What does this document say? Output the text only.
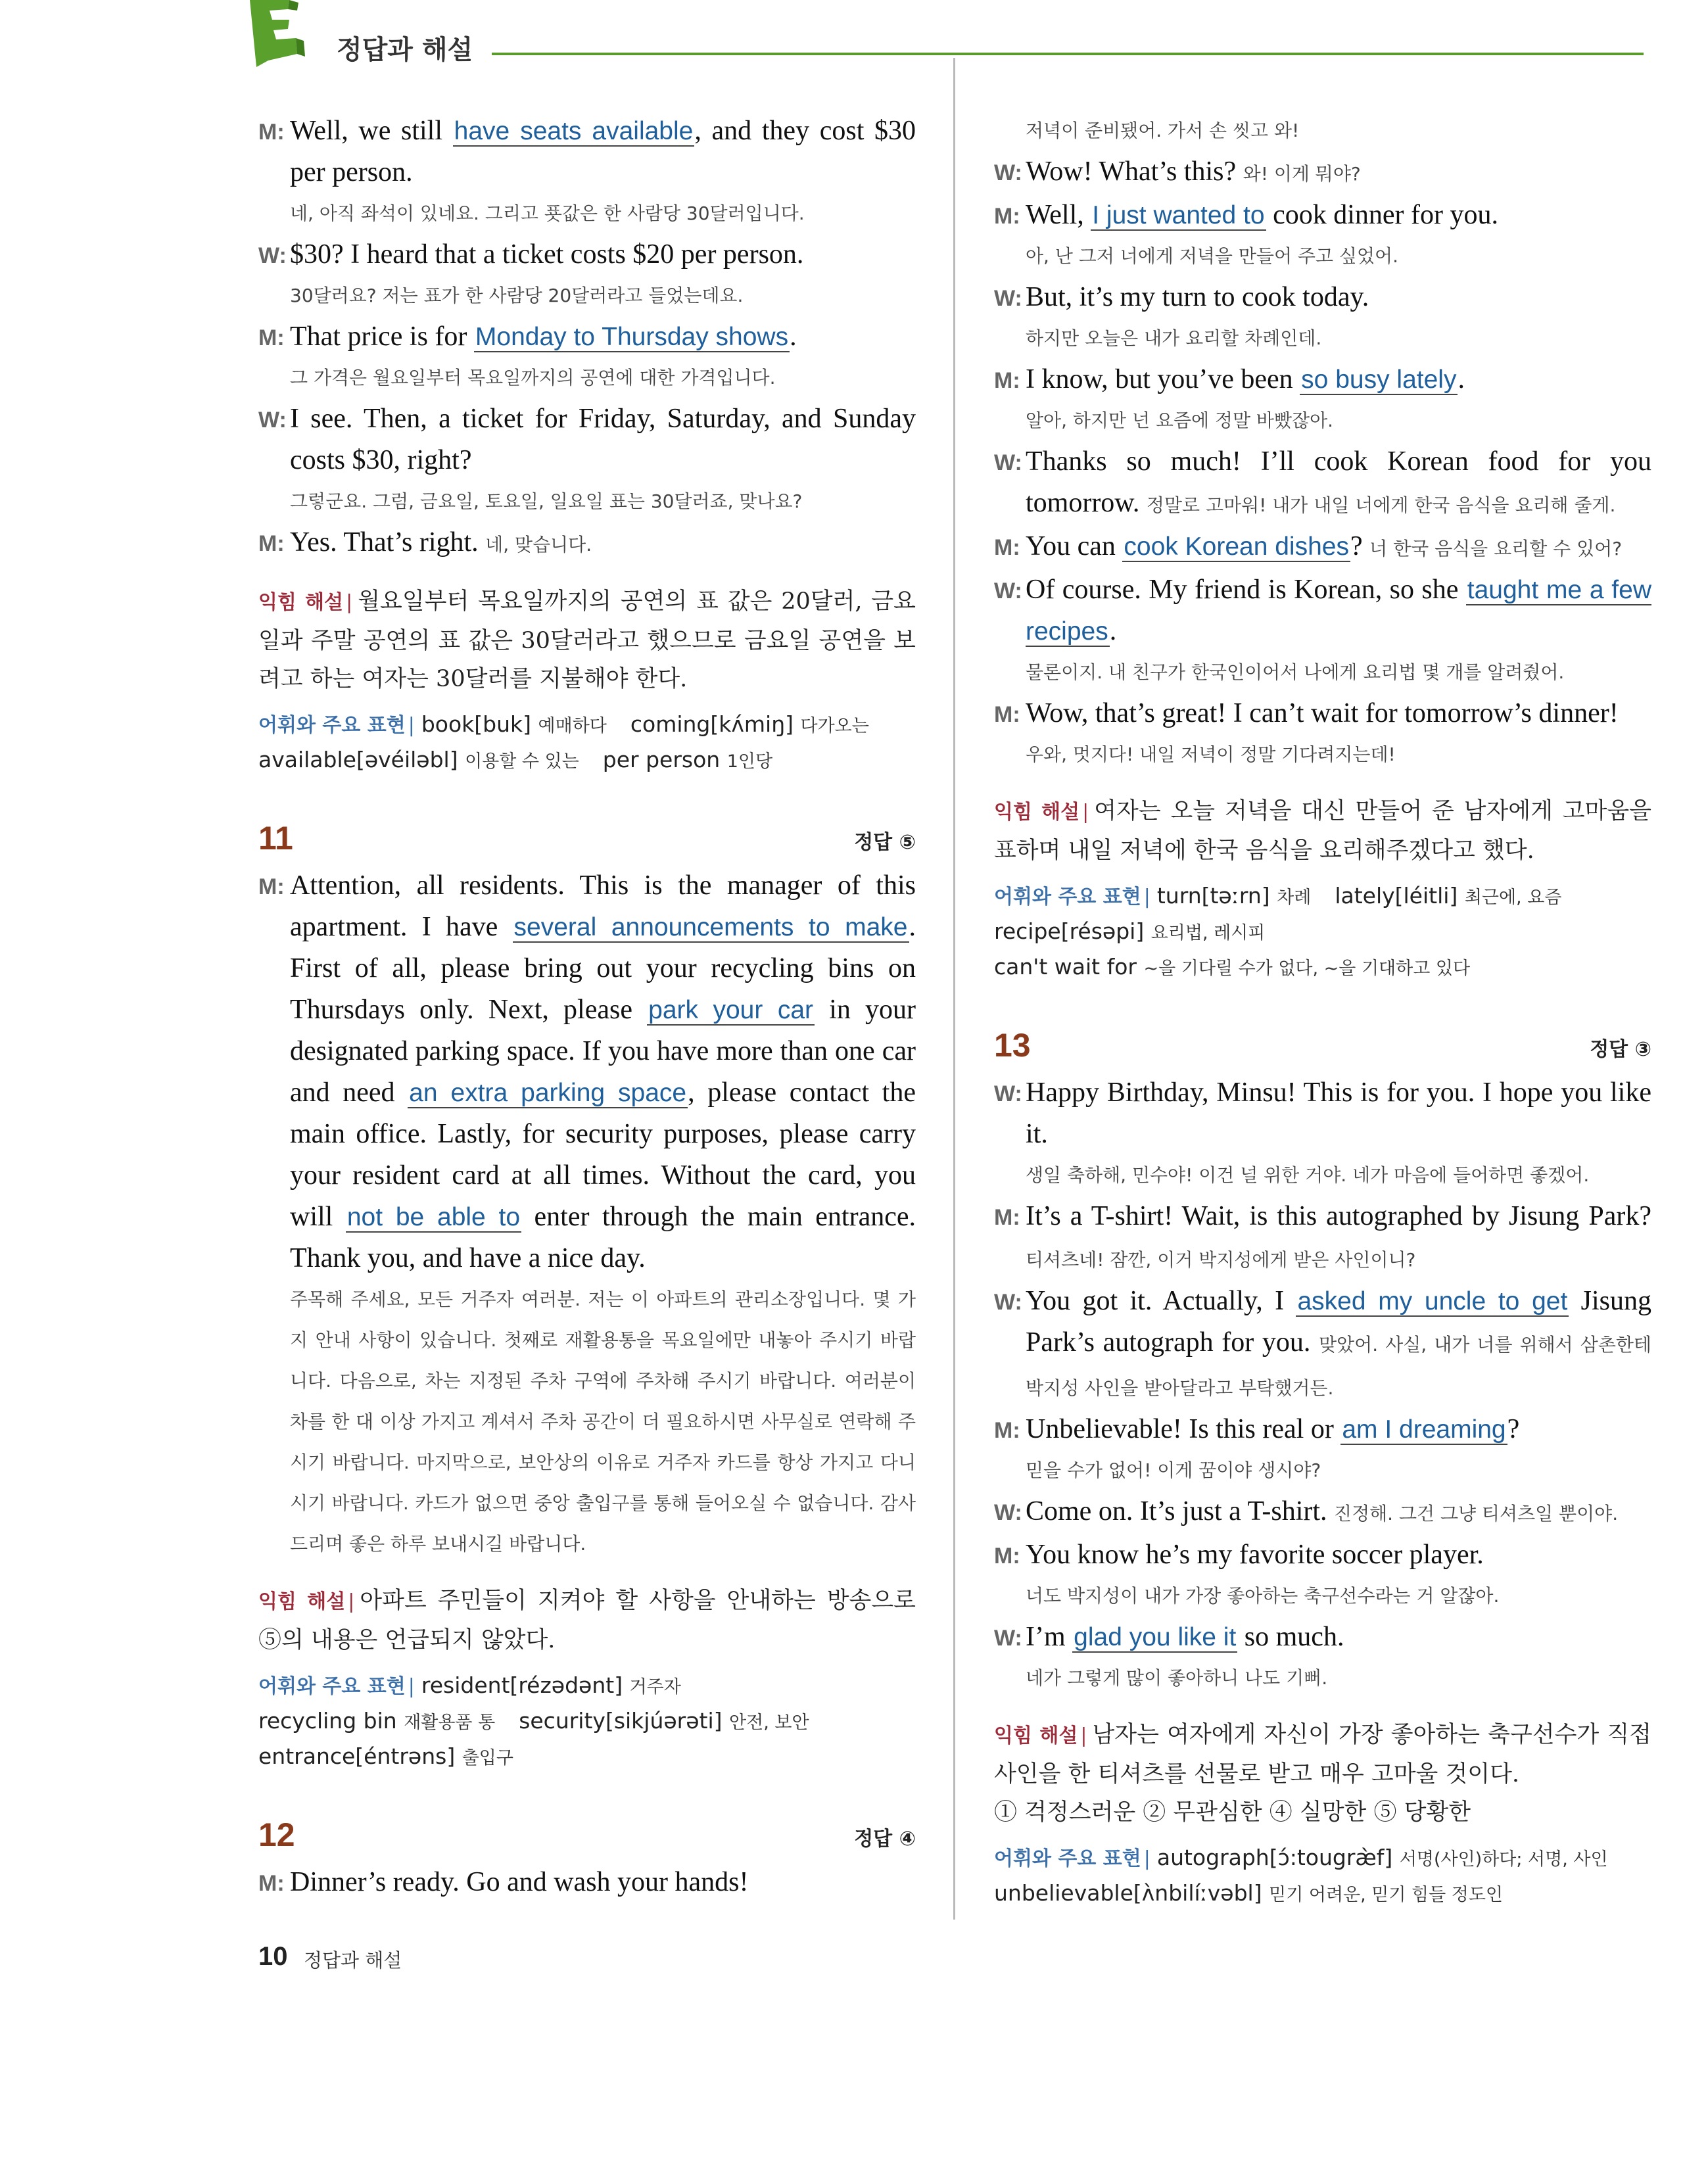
정답과 해설
M: Well, we still have seats available, and they cost $30 per person.
네, 아직 좌석이 있네요. 그리고 푯값은 한 사람당 30달러입니다.
W: $30? I heard that a ticket costs $20 per person.
30달러요? 저는 표가 한 사람당 20달러라고 들었는데요.
M: That price is for Monday to Thursday shows.
그 가격은 월요일부터 목요일까지의 공연에 대한 가격입니다.
W: I see. Then, a ticket for Friday, Saturday, and Sunday costs $30, right?
그렇군요. 그럼, 금요일, 토요일, 일요일 표는 30달러죠, 맞나요?
M: Yes. That’s right. 네, 맞습니다.
익힘 해설 | 월요일부터 목요일까지의 공연의 표 값은 20달러, 금요일과 주말 공연의 표 값은 30달러라고 했으므로 금요일 공연을 보려고 하는 여자는 30달러를 지불해야 한다.
어휘와 주요 표현 | book[buk] 예매하다 coming[kʌ́miŋ] 다가오는
available[əvéiləbl] 이용할 수 있는 per person 1인당
11	정답 ⑤
M: Attention, all residents. This is the manager of this apartment. I have several announcements to make. First of all, please bring out your recycling bins on Thursdays only. Next, please park your car in your designated parking space. If you have more than one car and need an extra parking space, please contact the main office. Lastly, for security purposes, please carry your resident card at all times. Without the card, you will not be able to enter through the main entrance. Thank you, and have a nice day.
주목해 주세요, 모든 거주자 여러분. 저는 이 아파트의 관리소장입니다. 몇 가지 안내 사항이 있습니다. 첫째로 재활용통을 목요일에만 내놓아 주시기 바랍니다. 다음으로, 차는 지정된 주차 구역에 주차해 주시기 바랍니다. 여러분이 차를 한 대 이상 가지고 계셔서 주차 공간이 더 필요하시면 사무실로 연락해 주시기 바랍니다. 마지막으로, 보안상의 이유로 거주자 카드를 항상 가지고 다니시기 바랍니다. 카드가 없으면 중앙 출입구를 통해 들어오실 수 없습니다. 감사 드리며 좋은 하루 보내시길 바랍니다.
익힘 해설 | 아파트 주민들이 지켜야 할 사항을 안내하는 방송으로 ⑤의 내용은 언급되지 않았다.
어휘와 주요 표현 | resident[rézədənt] 거주자
recycling bin 재활용품 통 security[sikjúərəti] 안전, 보안
entrance[éntrəns] 출입구
12	정답 ④
M: Dinner’s ready. Go and wash your hands!
저녁이 준비됐어. 가서 손 씻고 와!
W: Wow! What’s this? 와! 이게 뭐야?
M: Well, I just wanted to cook dinner for you.
아, 난 그저 너에게 저녁을 만들어 주고 싶었어.
W: But, it’s my turn to cook today.
하지만 오늘은 내가 요리할 차례인데.
M: I know, but you’ve been so busy lately.
알아, 하지만 넌 요즘에 정말 바빴잖아.
W: Thanks so much! I’ll cook Korean food for you tomorrow. 정말로 고마워! 내가 내일 너에게 한국 음식을 요리해 줄게.
M: You can cook Korean dishes? 너 한국 음식을 요리할 수 있어?
W: Of course. My friend is Korean, so she taught me a few recipes.
물론이지. 내 친구가 한국인이어서 나에게 요리법 몇 개를 알려줬어.
M: Wow, that’s great! I can’t wait for tomorrow’s dinner!
우와, 멋지다! 내일 저녁이 정말 기다려지는데!
익힘 해설 | 여자는 오늘 저녁을 대신 만들어 준 남자에게 고마움을 표하며 내일 저녁에 한국 음식을 요리해주겠다고 했다.
어휘와 주요 표현 | turn[təːrn] 차례 lately[léitli] 최근에, 요즘
recipe[résəpi] 요리법, 레시피
can't wait for ~을 기다릴 수가 없다, ~을 기대하고 있다
13	정답 ③
W: Happy Birthday, Minsu! This is for you. I hope you like it.
생일 축하해, 민수야! 이건 널 위한 거야. 네가 마음에 들어하면 좋겠어.
M: It’s a T-shirt! Wait, is this autographed by Jisung Park? 티셔츠네! 잠깐, 이거 박지성에게 받은 사인이니?
W: You got it. Actually, I asked my uncle to get Jisung Park’s autograph for you. 맞았어. 사실, 내가 너를 위해서 삼촌한테 박지성 사인을 받아달라고 부탁했거든.
M: Unbelievable! Is this real or am I dreaming?
믿을 수가 없어! 이게 꿈이야 생시야?
W: Come on. It’s just a T-shirt. 진정해. 그건 그냥 티셔츠일 뿐이야.
M: You know he’s my favorite soccer player.
너도 박지성이 내가 가장 좋아하는 축구선수라는 거 알잖아.
W: I’m glad you like it so much.
네가 그렇게 많이 좋아하니 나도 기뻐.
익힘 해설 | 남자는 여자에게 자신이 가장 좋아하는 축구선수가 직접 사인을 한 티셔츠를 선물로 받고 매우 고마울 것이다.
① 걱정스러운 ② 무관심한 ④ 실망한 ⑤ 당황한
어휘와 주요 표현 | autograph[ɔ́:tougræ̀f] 서명(사인)하다; 서명, 사인
unbelievable[ʌ̀nbilíːvəbl] 믿기 어려운, 믿기 힘들 정도인
10 정답과 해설
